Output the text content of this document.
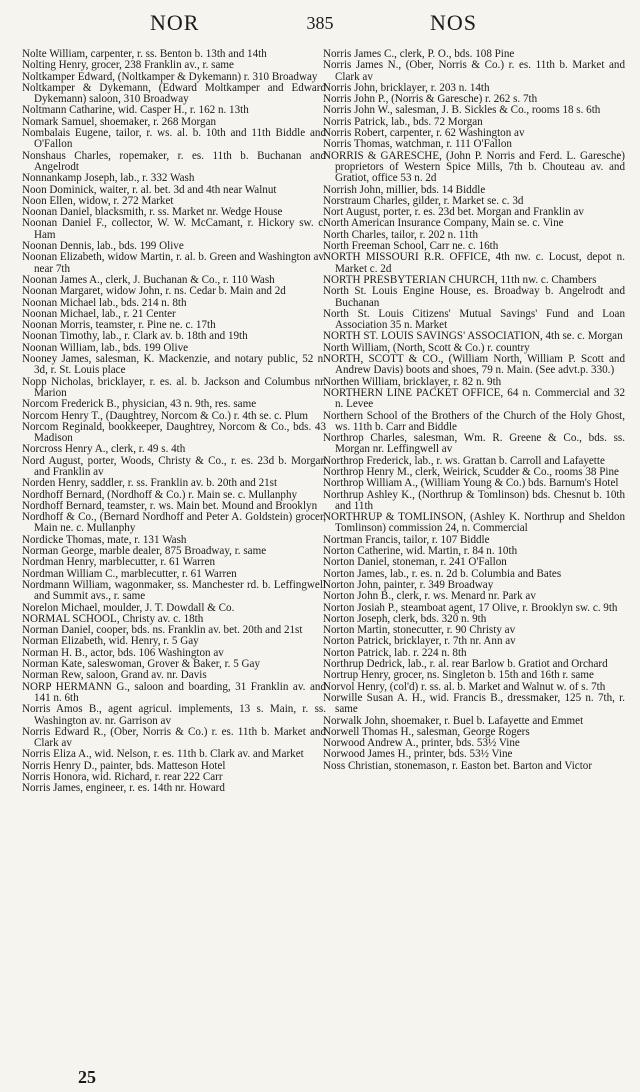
NOR	385	NOS

Nolte William, carpenter, r. ss. Benton b. 13th and 14th

Nolting Henry, grocer, 238 Franklin av., r. same

Noltkamper Edward, (Noltkamper & Dykemann) r. 310 Broadway

Noltkamper & Dykemann, (Edward Moltkamper and Edward Dykemann) saloon, 310 Broadway

Noltmann Catharine, wid. Casper H., r. 162 n. 13th

Nomark Samuel, shoemaker, r. 268 Morgan

Nombalais Eugene, tailor, r. ws. al. b. 10th and 11th Biddle and O'Fallon

Nonshaus Charles, ropemaker, r. es. 11th b. Buchanan and Angelrodt

Nonnankamp Joseph, lab., r. 332 Wash

Noon Dominick, waiter, r. al. bet. 3d and 4th near Walnut

Noon Ellen, widow, r. 272 Market

Noonan Daniel, blacksmith, r. ss. Market nr. Wedge House

Noonan Daniel F., collector, W. W. McCamant, r. Hickory sw. c. Ham

Noonan Dennis, lab., bds. 199 Olive

Noonan Elizabeth, widow Martin, r. al. b. Green and Washington av. near 7th

Noonan James A., clerk, J. Buchanan & Co., r. 110 Wash

Noonan Margaret, widow John, r. ns. Cedar b. Main and 2d

Noonan Michael lab., bds. 214 n. 8th

Noonan Michael, lab., r. 21 Center

Noonan Morris, teamster, r. Pine ne. c. 17th

Noonan Timothy, lab., r. Clark av. b. 18th and 19th

Noonan William, lab., bds. 199 Olive

Nooney James, salesman, K. Mackenzie, and notary public, 52 n. 3d, r. St. Louis place

Nopp Nicholas, bricklayer, r. es. al. b. Jackson and Columbus nr. Marion

Norcom Frederick B., physician, 43 n. 9th, res. same

Norcom Henry T., (Daughtrey, Norcom & Co.) r. 4th se. c. Plum

Norcom Reginald, bookkeeper, Daughtrey, Norcom & Co., bds. 43 Madison

Norcross Henry A., clerk, r. 49 s. 4th

Nord August, porter, Woods, Christy & Co., r. es. 23d b. Morgan and Franklin av

Norden Henry, saddler, r. ss. Franklin av. b. 20th and 21st

Nordhoff Bernard, (Nordhoff & Co.) r. Main se. c. Mullanphy

Nordhoff Bernard, teamster, r. ws. Main bet. Mound and Brooklyn

Nordhoff & Co., (Bernard Nordhoff and Peter A. Goldstein) grocer, Main ne. c. Mullanphy

Nordicke Thomas, mate, r. 131 Wash

Norman George, marble dealer, 875 Broadway, r. same

Nordman Henry, marblecutter, r. 61 Warren

Nordman William C., marblecutter, r. 61 Warren

Nordmann William, wagonmaker, ss. Manchester rd. b. Leffingwell and Summit avs., r. same

Norelon Michael, moulder, J. T. Dowdall & Co.

NORMAL SCHOOL, Christy av. c. 18th

Norman Daniel, cooper, bds. ns. Franklin av. bet. 20th and 21st

Norman Elizabeth, wid. Henry, r. 5 Gay

Norman H. B., actor, bds. 106 Washington av

Norman Kate, saleswoman, Grover & Baker, r. 5 Gay

Norman Rew, saloon, Grand av. nr. Davis

NORP HERMANN G., saloon and boarding, 31 Franklin av. and 141 n. 6th

Norris Amos B., agent agricul. implements, 13 s. Main, r. ss. Washington av. nr. Garrison av

Norris Edward R., (Ober, Norris & Co.) r. es. 11th b. Market and Clark av

Norris Eliza A., wid. Nelson, r. es. 11th b. Clark av. and Market

Norris Henry D., painter, bds. Matteson Hotel

Norris Honora, wid. Richard, r. rear 222 Carr

Norris James, engineer, r. es. 14th nr. Howard

Norris James C., clerk, P. O., bds. 108 Pine

Norris James N., (Ober, Norris & Co.) r. es. 11th b. Market and Clark av

Norris John, bricklayer, r. 203 n. 14th

Norris John P., (Norris & Garesche) r. 262 s. 7th

Norris John W., salesman, J. B. Sickles & Co., rooms 18 s. 6th

Norris Patrick, lab., bds. 72 Morgan

Norris Robert, carpenter, r. 62 Washington av

Norris Thomas, watchman, r. 111 O'Fallon

NORRIS & GARESCHE, (John P. Norris and Ferd. L. Garesche) proprietors of Western Spice Mills, 7th b. Chouteau av. and Gratiot, office 53 n. 2d

Norrish John, millier, bds. 14 Biddle

Norstraum Charles, gilder, r. Market se. c. 3d

Nort August, porter, r. es. 23d bet. Morgan and Franklin av

North American Insurance Company, Main se. c. Vine

North Charles, tailor, r. 202 n. 11th

North Freeman School, Carr ne. c. 16th

NORTH MISSOURI R.R. OFFICE, 4th nw. c. Locust, depot n. Market c. 2d

NORTH PRESBYTERIAN CHURCH, 11th nw. c. Chambers

North St. Louis Engine House, es. Broadway b. Angelrodt and Buchanan

North St. Louis Citizens' Mutual Savings' Fund and Loan Association 35 n. Market

NORTH ST. LOUIS SAVINGS' ASSOCIATION, 4th se. c. Morgan

North William, (North, Scott & Co.) r. country

NORTH, SCOTT & CO., (William North, William P. Scott and Andrew Davis) boots and shoes, 79 n. Main. (See advt.p. 330.)

Northen William, bricklayer, r. 82 n. 9th

NORTHERN LINE PACKET OFFICE, 64 n. Commercial and 32 n. Levee

Northern School of the Brothers of the Church of the Holy Ghost, ws. 11th b. Carr and Biddle

Northrop Charles, salesman, Wm. R. Greene & Co., bds. ss. Morgan nr. Leffingwell av

Northrop Frederick, lab., r. ws. Grattan b. Carroll and Lafayette

Northrop Henry M., clerk, Weirick, Scudder & Co., rooms 38 Pine

Northrop William A., (William Young & Co.) bds. Barnum's Hotel

Northrup Ashley K., (Northrup & Tomlinson) bds. Chesnut b. 10th and 11th

NORTHRUP & TOMLINSON, (Ashley K. Northrup and Sheldon Tomlinson) commission 24, n. Commercial

Nortman Francis, tailor, r. 107 Biddle

Norton Catherine, wid. Martin, r. 84 n. 10th

Norton Daniel, stoneman, r. 241 O'Fallon

Norton James, lab., r. es. n. 2d b. Columbia and Bates

Norton John, painter, r. 349 Broadway

Norton John B., clerk, r. ws. Menard nr. Park av

Norton Josiah P., steamboat agent, 17 Olive, r. Brooklyn sw. c. 9th

Norton Joseph, clerk, bds. 320 n. 9th

Norton Martin, stonecutter, r. 90 Christy av

Norton Patrick, bricklayer, r. 7th nr. Ann av

Norton Patrick, lab. r. 224 n. 8th

Northrup Dedrick, lab., r. al. rear Barlow b. Gratiot and Orchard

Nortrup Henry, grocer, ns. Singleton b. 15th and 16th r. same

Norvol Henry, (col'd) r. ss. al. b. Market and Walnut w. of s. 7th

Norwille Susan A. H., wid. Francis B., dressmaker, 125 n. 7th, r. same

Norwalk John, shoemaker, r. Buel b. Lafayette and Emmet

Norwell Thomas H., salesman, George Rogers

Norwood Andrew A., printer, bds. 53½ Vine

Norwood James H., printer, bds. 53½ Vine

Noss Christian, stonemason, r. Easton bet. Barton and Victor

25
